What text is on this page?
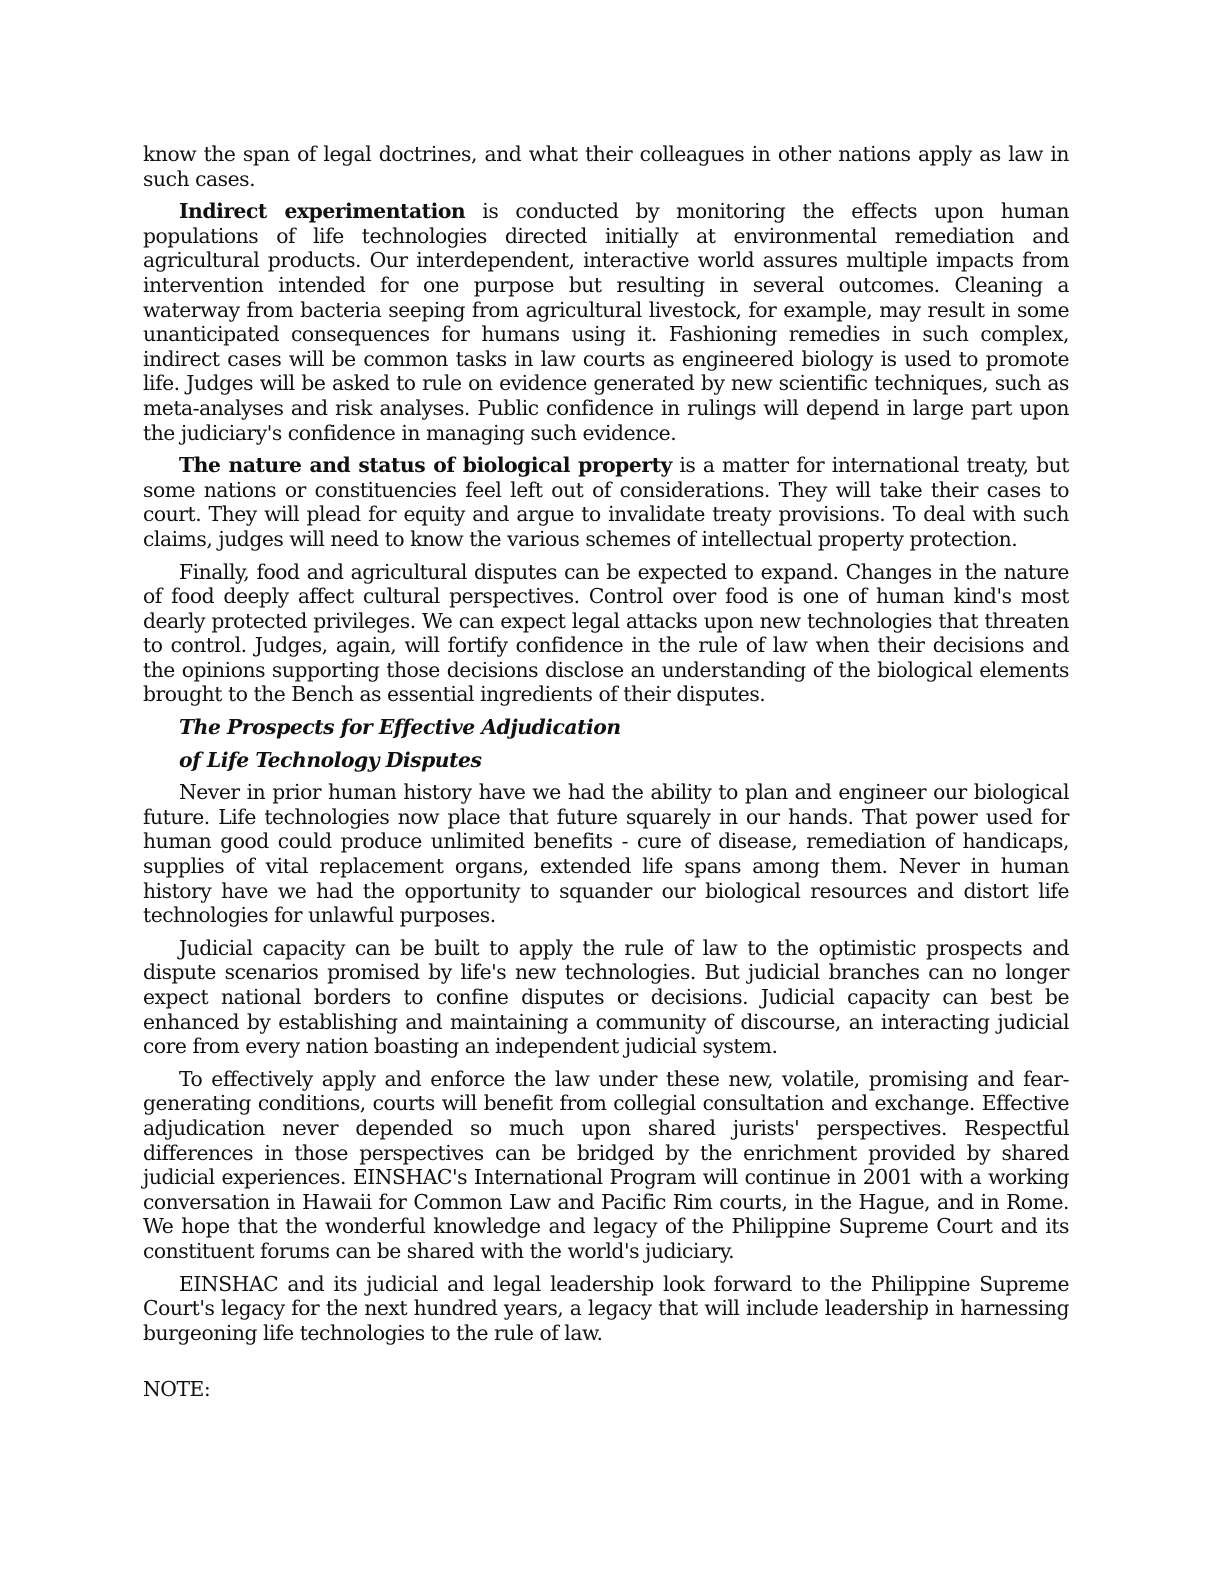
know the span of legal doctrines, and what their colleagues in other nations apply as law in such cases.

Indirect experimentation is conducted by monitoring the effects upon human populations of life technologies directed initially at environmental remediation and agricultural products. Our interdependent, interactive world assures multiple impacts from intervention intended for one purpose but resulting in several outcomes. Cleaning a waterway from bacteria seeping from agricultural livestock, for example, may result in some unanticipated consequences for humans using it. Fashioning remedies in such complex, indirect cases will be common tasks in law courts as engineered biology is used to promote life. Judges will be asked to rule on evidence generated by new scientific techniques, such as meta-analyses and risk analyses. Public confidence in rulings will depend in large part upon the judiciary's confidence in managing such evidence.

The nature and status of biological property is a matter for international treaty, but some nations or constituencies feel left out of considerations. They will take their cases to court. They will plead for equity and argue to invalidate treaty provisions. To deal with such claims, judges will need to know the various schemes of intellectual property protection.

Finally, food and agricultural disputes can be expected to expand. Changes in the nature of food deeply affect cultural perspectives. Control over food is one of human kind's most dearly protected privileges. We can expect legal attacks upon new technologies that threaten to control. Judges, again, will fortify confidence in the rule of law when their decisions and the opinions supporting those decisions disclose an understanding of the biological elements brought to the Bench as essential ingredients of their disputes.

The Prospects for Effective Adjudication
of Life Technology Disputes

Never in prior human history have we had the ability to plan and engineer our biological future. Life technologies now place that future squarely in our hands. That power used for human good could produce unlimited benefits - cure of disease, remediation of handicaps, supplies of vital replacement organs, extended life spans among them. Never in human history have we had the opportunity to squander our biological resources and distort life technologies for unlawful purposes.

Judicial capacity can be built to apply the rule of law to the optimistic prospects and dispute scenarios promised by life's new technologies. But judicial branches can no longer expect national borders to confine disputes or decisions. Judicial capacity can best be enhanced by establishing and maintaining a community of discourse, an interacting judicial core from every nation boasting an independent judicial system.

To effectively apply and enforce the law under these new, volatile, promising and fear-generating conditions, courts will benefit from collegial consultation and exchange. Effective adjudication never depended so much upon shared jurists' perspectives. Respectful differences in those perspectives can be bridged by the enrichment provided by shared judicial experiences. EINSHAC's International Program will continue in 2001 with a working conversation in Hawaii for Common Law and Pacific Rim courts, in the Hague, and in Rome. We hope that the wonderful knowledge and legacy of the Philippine Supreme Court and its constituent forums can be shared with the world's judiciary.

EINSHAC and its judicial and legal leadership look forward to the Philippine Supreme Court's legacy for the next hundred years, a legacy that will include leadership in harnessing burgeoning life technologies to the rule of law.

NOTE:
